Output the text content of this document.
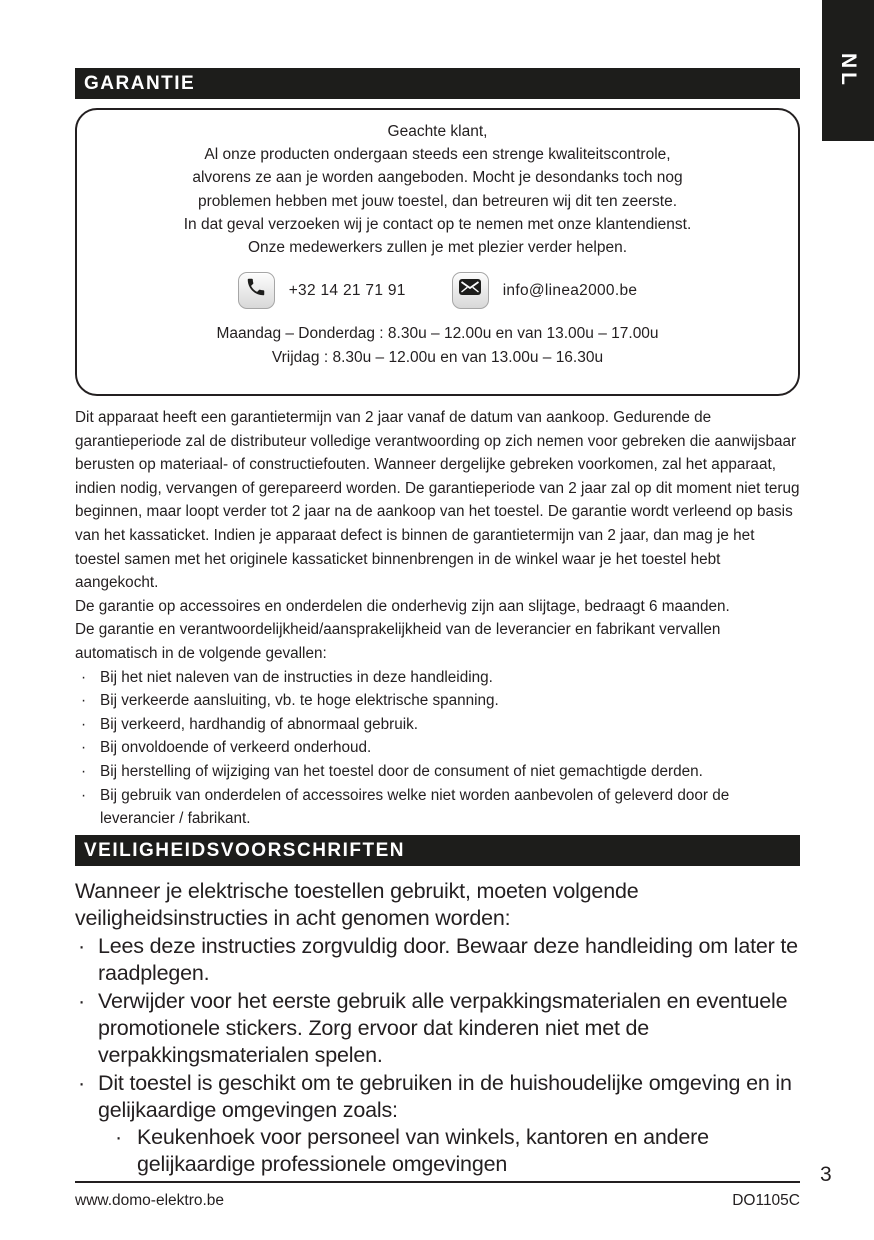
NL
GARANTIE
Geachte klant,
Al onze producten ondergaan steeds een strenge kwaliteitscontrole,
alvorens ze aan je worden aangeboden. Mocht je desondanks toch nog
problemen hebben met jouw toestel, dan betreuren wij dit ten zeerste.
In dat geval verzoeken wij je contact op te nemen met onze klantendienst.
Onze medewerkers zullen je met plezier verder helpen.
+32 14 21 71 91	info@linea2000.be
Maandag – Donderdag : 8.30u – 12.00u en van 13.00u – 17.00u
Vrijdag : 8.30u – 12.00u en van 13.00u – 16.30u

Dit apparaat heeft een garantietermijn van 2 jaar vanaf de datum van aankoop. Gedurende de garantieperiode zal de distributeur volledige verantwoording op zich nemen voor gebreken die aanwijsbaar berusten op materiaal- of constructiefouten. Wanneer dergelijke gebreken voorkomen, zal het apparaat, indien nodig, vervangen of gerepareerd worden. De garantieperiode van 2 jaar zal op dit moment niet terug beginnen, maar loopt verder tot 2 jaar na de aankoop van het toestel. De garantie wordt verleend op basis van het kassaticket. Indien je apparaat defect is binnen de garantietermijn van 2 jaar, dan mag je het toestel samen met het originele kassaticket binnenbrengen in de winkel waar je het toestel hebt aangekocht.

De garantie op accessoires en onderdelen die onderhevig zijn aan slijtage, bedraagt 6 maanden.

De garantie en verantwoordelijkheid/aansprakelijkheid van de leverancier en fabrikant vervallen automatisch in de volgende gevallen:

· Bij het niet naleven van de instructies in deze handleiding.
· Bij verkeerde aansluiting, vb. te hoge elektrische spanning.
· Bij verkeerd, hardhandig of abnormaal gebruik.
· Bij onvoldoende of verkeerd onderhoud.
· Bij herstelling of wijziging van het toestel door de consument of niet gemachtigde derden.
· Bij gebruik van onderdelen of accessoires welke niet worden aanbevolen of geleverd door de leverancier / fabrikant.
VEILIGHEIDSVOORSCHRIFTEN

Wanneer je elektrische toestellen gebruikt, moeten volgende veiligheidsinstructies in acht genomen worden:

· Lees deze instructies zorgvuldig door. Bewaar deze handleiding om later te raadplegen.
· Verwijder voor het eerste gebruik alle verpakkingsmaterialen en eventuele promotionele stickers. Zorg ervoor dat kinderen niet met de verpakkingsmaterialen spelen.
· Dit toestel is geschikt om te gebruiken in de huishoudelijke omgeving en in gelijkaardige omgevingen zoals:
· Keukenhoek voor personeel van winkels, kantoren en andere gelijkaardige professionele omgevingen
www.domo-elektro.be	DO1105C
3
